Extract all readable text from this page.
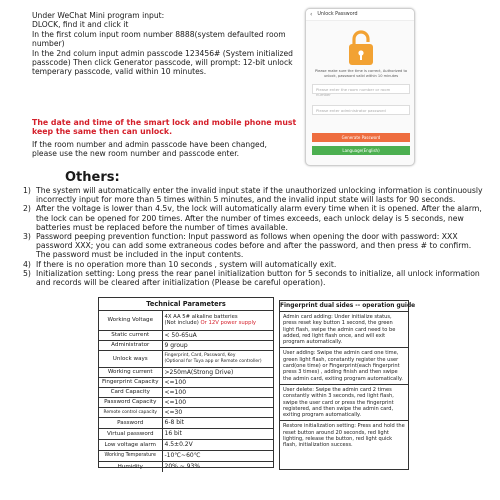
Under WeChat Mini program input:

DLOCK, find it and click it

In the first colum input room number 8888(system defaulted room number)

In the 2nd colum input admin passcode 123456# (System initialized passcode) Then click Generator passcode, will prompt: 12-bit unlock temperary passcode, valid within 10 minutes.

The date and time of the smart lock and mobile phone must keep the same then can unlock.
If the room number and admin passcode have been changed, please use the new room number and passcode enter.
‹ Unlock Password
Please make sure the time is correct, Authorized to unlock, password valid within 10 minutes
Please enter the room number or room number
Please enter administrator password
Generate Password
Language(English)
Others:
1) The system will automatically enter the invalid input state if the unauthorized unlocking information is continuously incorrectly input for more than 5 times within 5 minutes, and the invalid input state will lasts for 90 seconds.
2) After the voltage is lower than 4.5v, the lock will automatically alarm every time when it is opened. After the alarm, the lock can be opened for 200 times. After the number of times exceeds, each unlock delay is 5 seconds, new batteries must be replaced before the number of times available.
3) Password peeping prevention function: Input password as follows when opening the door with password: XXX password XXX; you can add some extraneous codes before and after the password, and then press # to confirm. The password must be included in the input contents.
4) If there is no operation more than 10 seconds , system will automatically exit.
5) Initialization setting: Long press the rear panel initialization button for 5 seconds to initialize, all unlock information and records will be cleared after initialization (Please be careful operation).
Technical Parameters
Working Voltage	4X AA 5# alkaline batteries
(Not include) Or 12V power supply
Static current	< 50-65uA
Administrator	9 group
Unlock ways	Fingerprint, Card, Password, Key
(Optional for Tuya app or Remote controller)

Working current	>250mA(Strong Drive)
Fingerprint Capacity	<=100
Card Capacity	<=100
Password Capacity	<=100
Remote control capacity	<=30
Password	6-8 bit
Virtual password	16 bit
Low voltage alarm	4.5±0.2V
Working Temperature	-10℃~60℃
Humidity	20% ~ 93%
Fingerprint dual sides -- operation guide
Admin card adding: Under initialize status, press reset key button 1 second, the green light flash, swipe the admin card need to be added, red light flash once, and will exit program automatically.
User adding: Swipe the admin card one time, green light flash, constantly register the user card(one time) or Fingerprint(each fingerprint press 3 times) , adding finish and then swipe the admin card, exiting program automatically.
User delete: Swipe the admin card 2 times constantly within 3 seconds, red light flash, swipe the user card or press the fingerprint registered, and then swipe the admin card, exiting program automatically.
Restore initialization setting: Press and hold the reset button around 20 seconds, red light lighting, release the button, red light quick flash, initialization success.
